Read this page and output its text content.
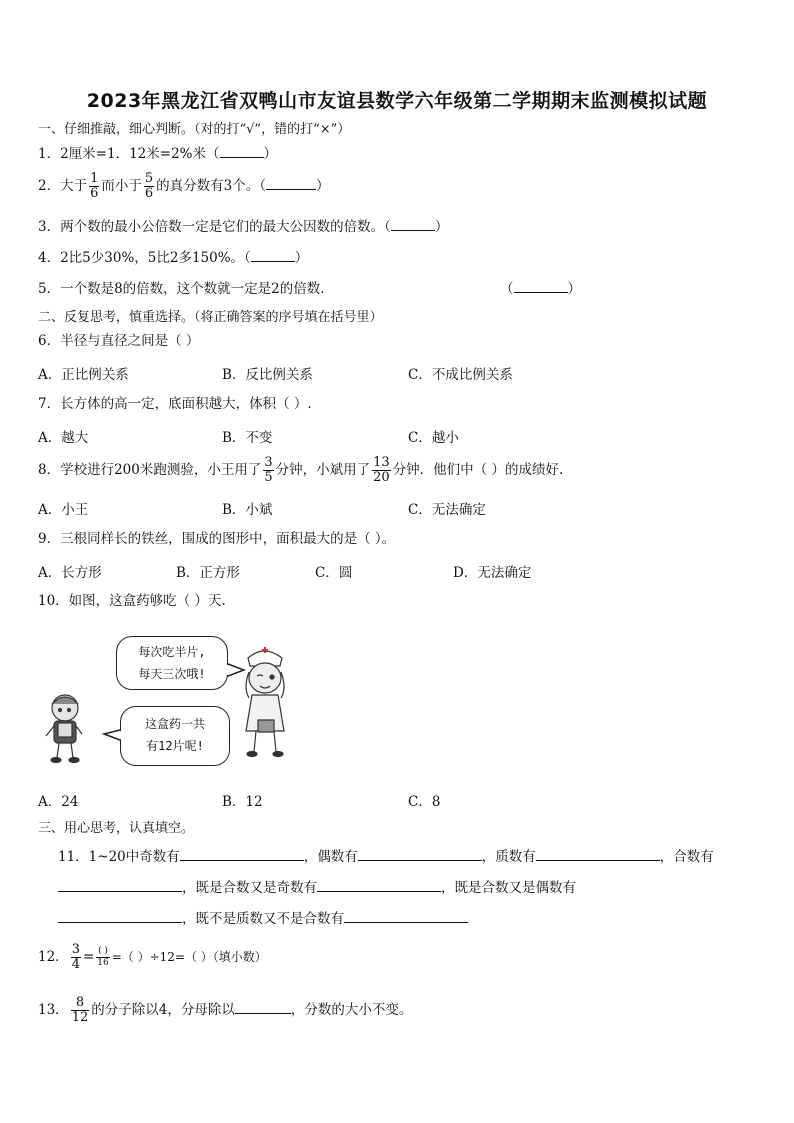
2023年黑龙江省双鸭山市友谊县数学六年级第二学期期末监测模拟试题
一、仔细推敲，细心判断。（对的打“√”，错的打“×”）
1．2厘米=1．12米=2%米（	）
2．大于 $\frac{1}{6}$ 而小于 $\frac{5}{6}$ 的真分数有3个。（	）
3．两个数的最小公倍数一定是它们的最大公因数的倍数。（	）
4．2比5少30%，5比2多150%。（	）
5．一个数是8的倍数，这个数就一定是2的倍数．	（	）
二、反复思考，慎重选择。（将正确答案的序号填在括号里）
6．半径与直径之间是（ ）
A．正比例关系	B．反比例关系	C．不成比例关系
7．长方体的高一定，底面积越大，体积（ ）.
A．越大	B．不变	C．越小
8．学校进行200米跑测验，小王用了 $\frac{3}{5}$ 分钟，小斌用了 $\frac{13}{20}$ 分钟．他们中（ ）的成绩好.
A．小王	B．小斌	C．无法确定
9．三根同样长的铁丝，围成的图形中，面积最大的是（ ）。
A．长方形	B．正方形	C．圆	D．无法确定
10．如图，这盒药够吃（ ）天.
每次吃半片,
每天三次哦!
这盒药一共
有12片呢!
A．24	B．12	C．8
三、用心思考，认真填空。
11．1~20中奇数有	，偶数有	，质数有	，合数有
，既是合数又是奇数有	，既是合数又是偶数有
，既不是质数又不是合数有
12． $\frac{3}{4} = \frac{( )}{16}$ =（ ）÷12=（ ）（填小数）
13． $\frac{8}{12}$ 的分子除以4，分母除以	，分数的大小不变。
